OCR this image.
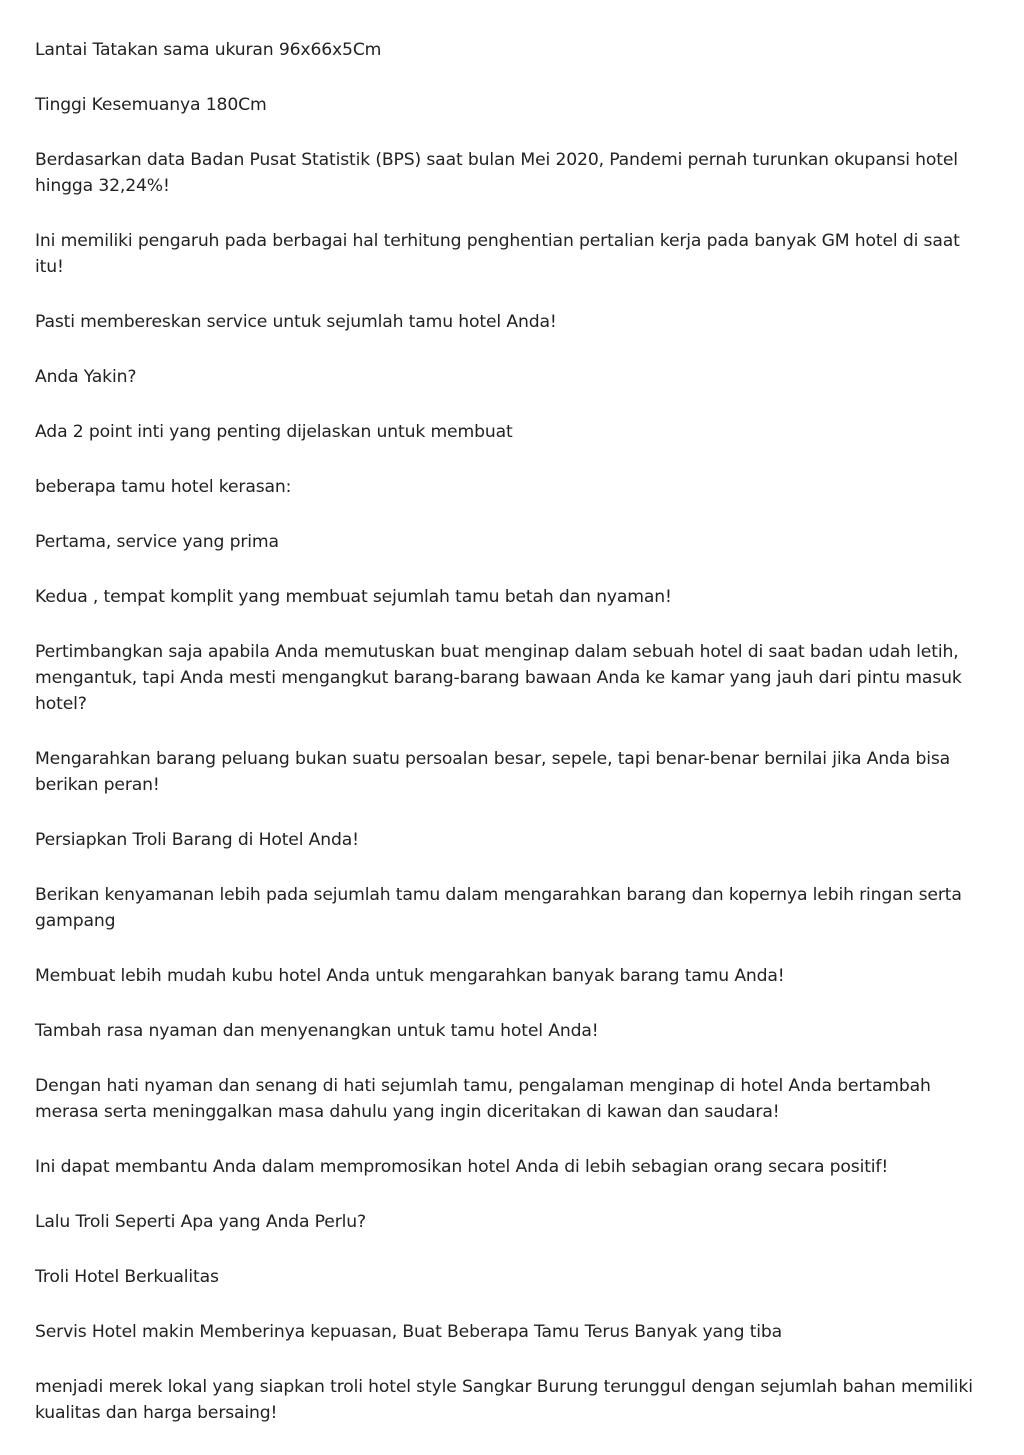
Lantai Tatakan sama ukuran 96x66x5Cm

Tinggi Kesemuanya 180Cm

Berdasarkan data Badan Pusat Statistik (BPS) saat bulan Mei 2020, Pandemi pernah turunkan okupansi hotel hingga 32,24%!

Ini memiliki pengaruh pada berbagai hal terhitung penghentian pertalian kerja pada banyak GM hotel di saat itu!

Pasti membereskan service untuk sejumlah tamu hotel Anda!

Anda Yakin?

Ada 2 point inti yang penting dijelaskan untuk membuat

beberapa tamu hotel kerasan:

Pertama, service yang prima

Kedua , tempat komplit yang membuat sejumlah tamu betah dan nyaman!

Pertimbangkan saja apabila Anda memutuskan buat menginap dalam sebuah hotel di saat badan udah letih, mengantuk, tapi Anda mesti mengangkut barang-barang bawaan Anda ke kamar yang jauh dari pintu masuk hotel?

Mengarahkan barang peluang bukan suatu persoalan besar, sepele, tapi benar-benar bernilai jika Anda bisa berikan peran!

Persiapkan Troli Barang di Hotel Anda!

Berikan kenyamanan lebih pada sejumlah tamu dalam mengarahkan barang dan kopernya lebih ringan serta gampang

Membuat lebih mudah kubu hotel Anda untuk mengarahkan banyak barang tamu Anda!

Tambah rasa nyaman dan menyenangkan untuk tamu hotel Anda!

Dengan hati nyaman dan senang di hati sejumlah tamu, pengalaman menginap di hotel Anda bertambah merasa serta meninggalkan masa dahulu yang ingin diceritakan di kawan dan saudara!

Ini dapat membantu Anda dalam mempromosikan hotel Anda di lebih sebagian orang secara positif!

Lalu Troli Seperti Apa yang Anda Perlu?

Troli Hotel Berkualitas

Servis Hotel makin Memberinya kepuasan, Buat Beberapa Tamu Terus Banyak yang tiba

menjadi merek lokal yang siapkan troli hotel style Sangkar Burung terunggul dengan sejumlah bahan memiliki kualitas dan harga bersaing!
